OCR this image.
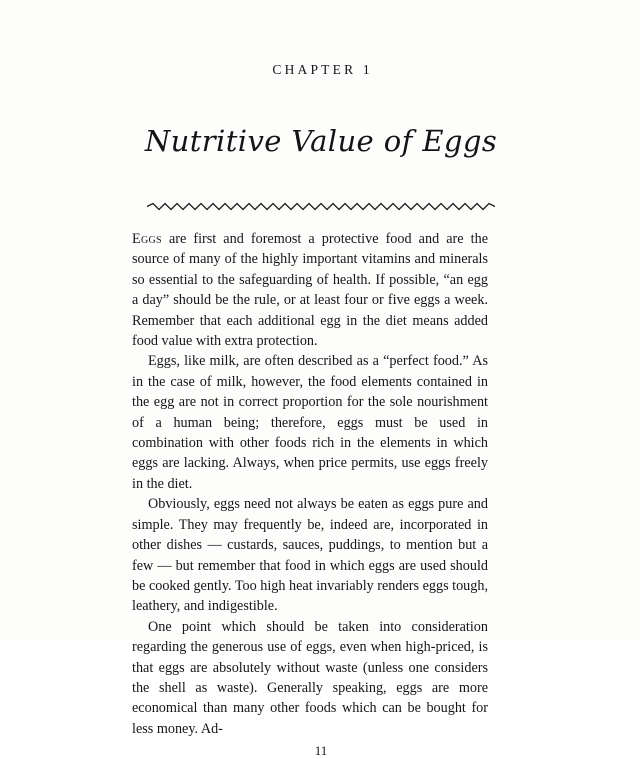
CHAPTER 1
Nutritive Value of Eggs

Eggs are first and foremost a protective food and are the source of many of the highly important vitamins and minerals so essential to the safeguarding of health. If possible, “an egg a day” should be the rule, or at least four or five eggs a week. Remember that each additional egg in the diet means added food value with extra protection.

Eggs, like milk, are often described as a “perfect food.” As in the case of milk, however, the food elements contained in the egg are not in correct proportion for the sole nourishment of a human being; therefore, eggs must be used in combination with other foods rich in the elements in which eggs are lacking. Always, when price permits, use eggs freely in the diet.

Obviously, eggs need not always be eaten as eggs pure and simple. They may frequently be, indeed are, incorporated in other dishes — custards, sauces, puddings, to mention but a few — but remember that food in which eggs are used should be cooked gently. Too high heat invariably renders eggs tough, leathery, and indigestible.

One point which should be taken into consideration regarding the generous use of eggs, even when high-priced, is that eggs are absolutely without waste (unless one considers the shell as waste). Generally speaking, eggs are more economical than many other foods which can be bought for less money. Ad-

11
